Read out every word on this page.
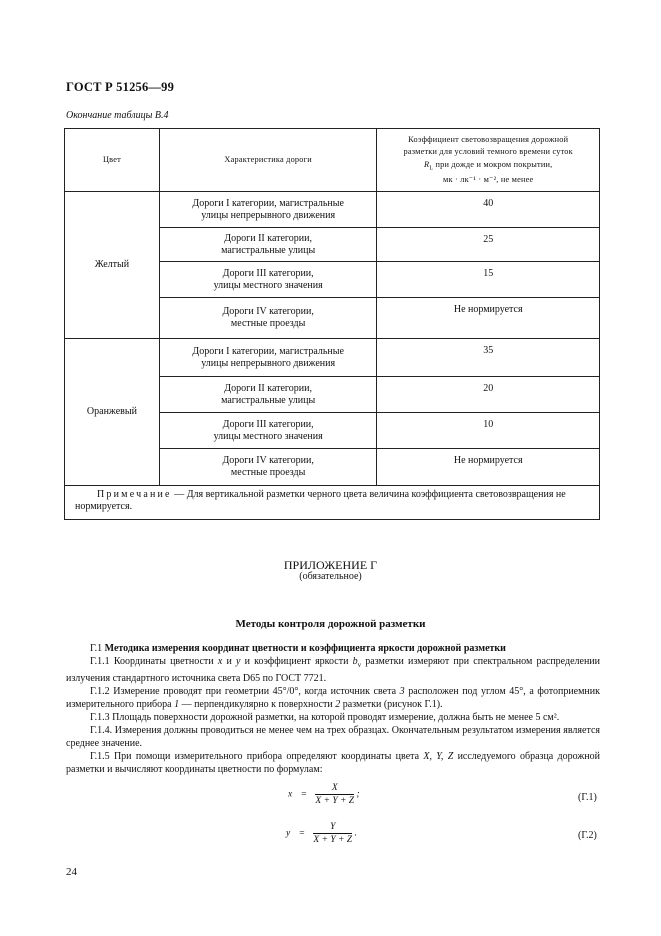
ГОСТ Р 51256—99
Окончание таблицы В.4
Цвет	Характеристика дороги	Коэффициент световозвращения дорожной
разметки для условий темного времени суток
$R_L$ при дожде и мокром покрытии,
мк · лк⁻¹ · м⁻², не менее

Желтый	Дороги I категории, магистральные
улицы непрерывного движения	40

	Дороги II категории,
магистральные улицы	25

	Дороги III категории,
улицы местного значения	15

	Дороги IV категории,
местные проезды	Не нормируется
Оранжевый	Дороги I категории, магистральные
улицы непрерывного движения	35

	Дороги II категории,
магистральные улицы	20

	Дороги III категории,
улицы местного значения	10

	Дороги IV категории,
местные проезды	Не нормируется
Примечание — Для вертикальной разметки черного цвета величина коэффициента световозвращения не нормируется.		
ПРИЛОЖЕНИЕ Г
(обязательное)
Методы контроля дорожной разметки

Г.1 Методика измерения координат цветности и коэффициента яркости дорожной разметки

Г.1.1 Координаты цветности x и y и коэффициент яркости $b_v$ разметки измеряют при спектральном распределении излучения стандартного источника света D65 по ГОСТ 7721.

Г.1.2 Измерение проводят при геометрии 45°/0°, когда источник света 3 расположен под углом 45°, а фотоприемник измерительного прибора 1 — перпендикулярно к поверхности 2 разметки (рисунок Г.1).

Г.1.3 Площадь поверхности дорожной разметки, на которой проводят измерение, должна быть не менее 5 см².

Г.1.4. Измерения должны проводиться не менее чем на трех образцах. Окончательным результатом измерения является среднее значение.

Г.1.5 При помощи измерительного прибора определяют координаты цвета X, Y, Z исследуемого образца дорожной разметки и вычисляют координаты цветности по формулам:

$x = \frac{X}{X + Y + Z}$ ;	(Г.1)
$y = \frac{Y}{X + Y + Z}$ .	(Г.2)
24
